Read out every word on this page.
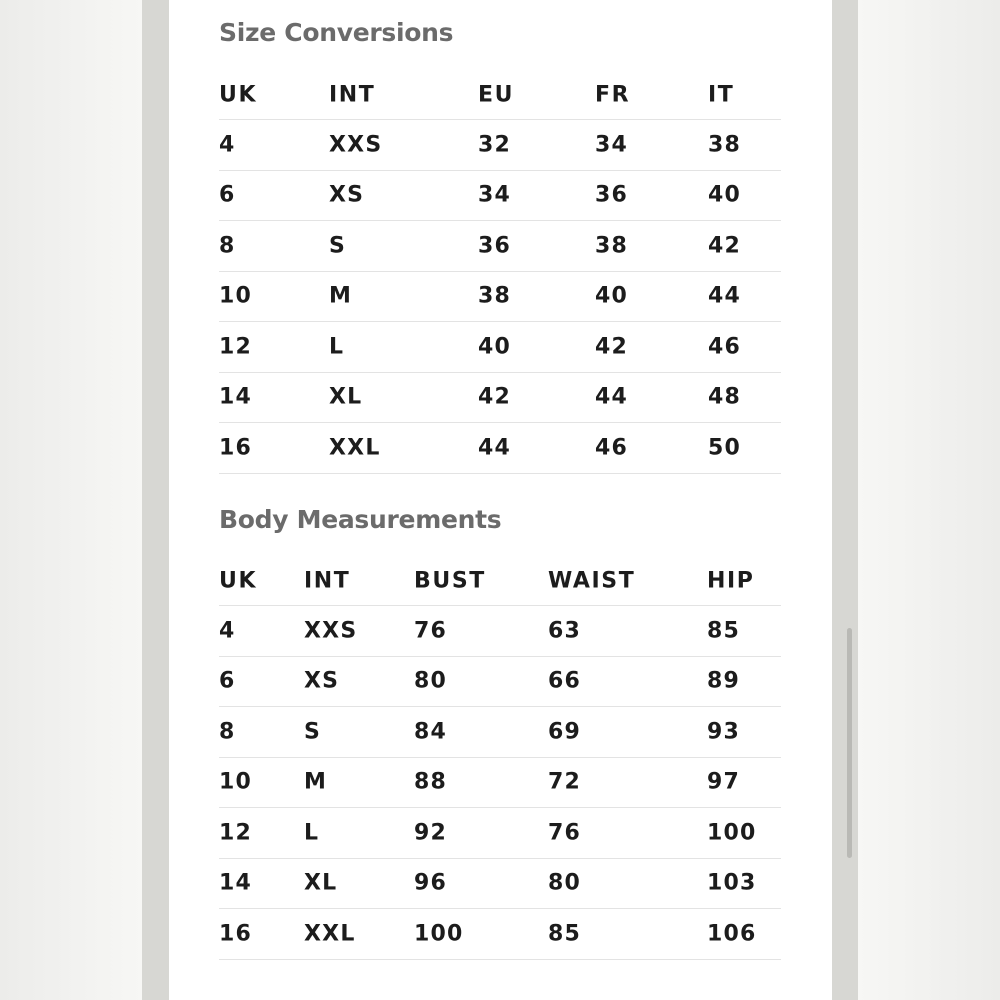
Size Conversions
UK	INT	EU	FR	IT
4	XXS	32	34	38
6	XS	34	36	40
8	S	36	38	42
10	M	38	40	44
12	L	40	42	46
14	XL	42	44	48
16	XXL	44	46	50
Body Measurements
UK INT	BUST	WAIST	HIP
4	XXS	76	63	85
6	XS	80	66	89
8	S	84	69	93
10 M	88	72	97
12 L	92	76	100
14 XL	96	80	103
16 XXL	100	85	106
